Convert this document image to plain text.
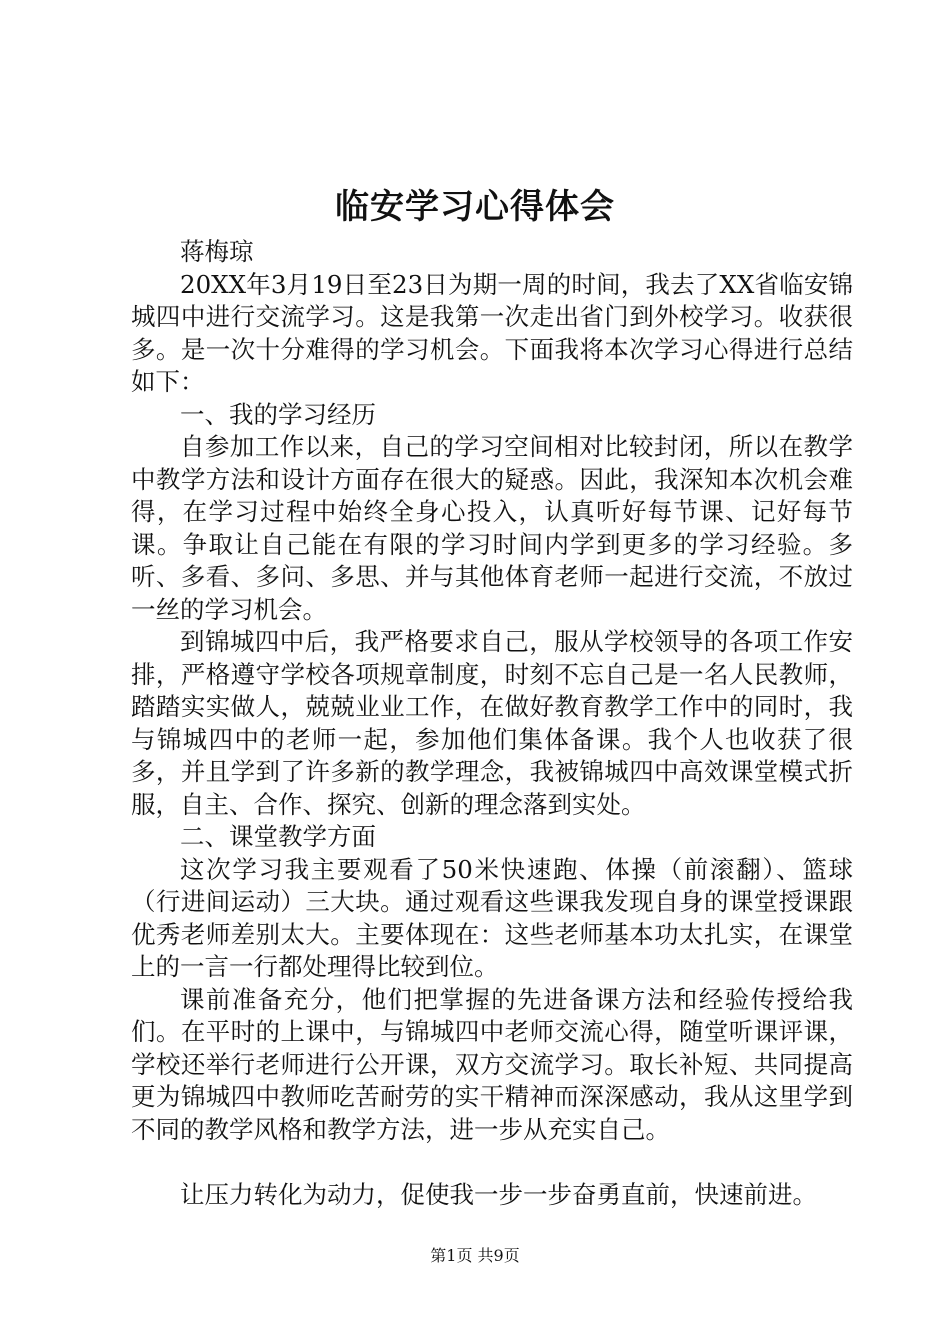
临安学习心得体会

蒋梅琼

20XX年3月19日至23日为期一周的时间，我去了XX省临安锦城四中进行交流学习。这是我第一次走出省门到外校学习。收获很多。是一次十分难得的学习机会。下面我将本次学习心得进行总结如下：

一、我的学习经历

自参加工作以来，自己的学习空间相对比较封闭，所以在教学中教学方法和设计方面存在很大的疑惑。因此，我深知本次机会难得，在学习过程中始终全身心投入，认真听好每节课、记好每节课。争取让自己能在有限的学习时间内学到更多的学习经验。多听、多看、多问、多思、并与其他体育老师一起进行交流，不放过一丝的学习机会。

到锦城四中后，我严格要求自己，服从学校领导的各项工作安排，严格遵守学校各项规章制度，时刻不忘自己是一名人民教师，踏踏实实做人，兢兢业业工作，在做好教育教学工作中的同时，我与锦城四中的老师一起，参加他们集体备课。我个人也收获了很多，并且学到了许多新的教学理念，我被锦城四中高效课堂模式折服，自主、合作、探究、创新的理念落到实处。

二、课堂教学方面

这次学习我主要观看了50米快速跑、体操（前滚翻）、篮球（行进间运动）三大块。通过观看这些课我发现自身的课堂授课跟优秀老师差别太大。主要体现在：这些老师基本功太扎实，在课堂上的一言一行都处理得比较到位。

课前准备充分，他们把掌握的先进备课方法和经验传授给我们。在平时的上课中，与锦城四中老师交流心得，随堂听课评课，学校还举行老师进行公开课，双方交流学习。取长补短、共同提高更为锦城四中教师吃苦耐劳的实干精神而深深感动，我从这里学到不同的教学风格和教学方法，进一步从充实自己。

让压力转化为动力，促使我一步一步奋勇直前，快速前进。

第1页 共9页
